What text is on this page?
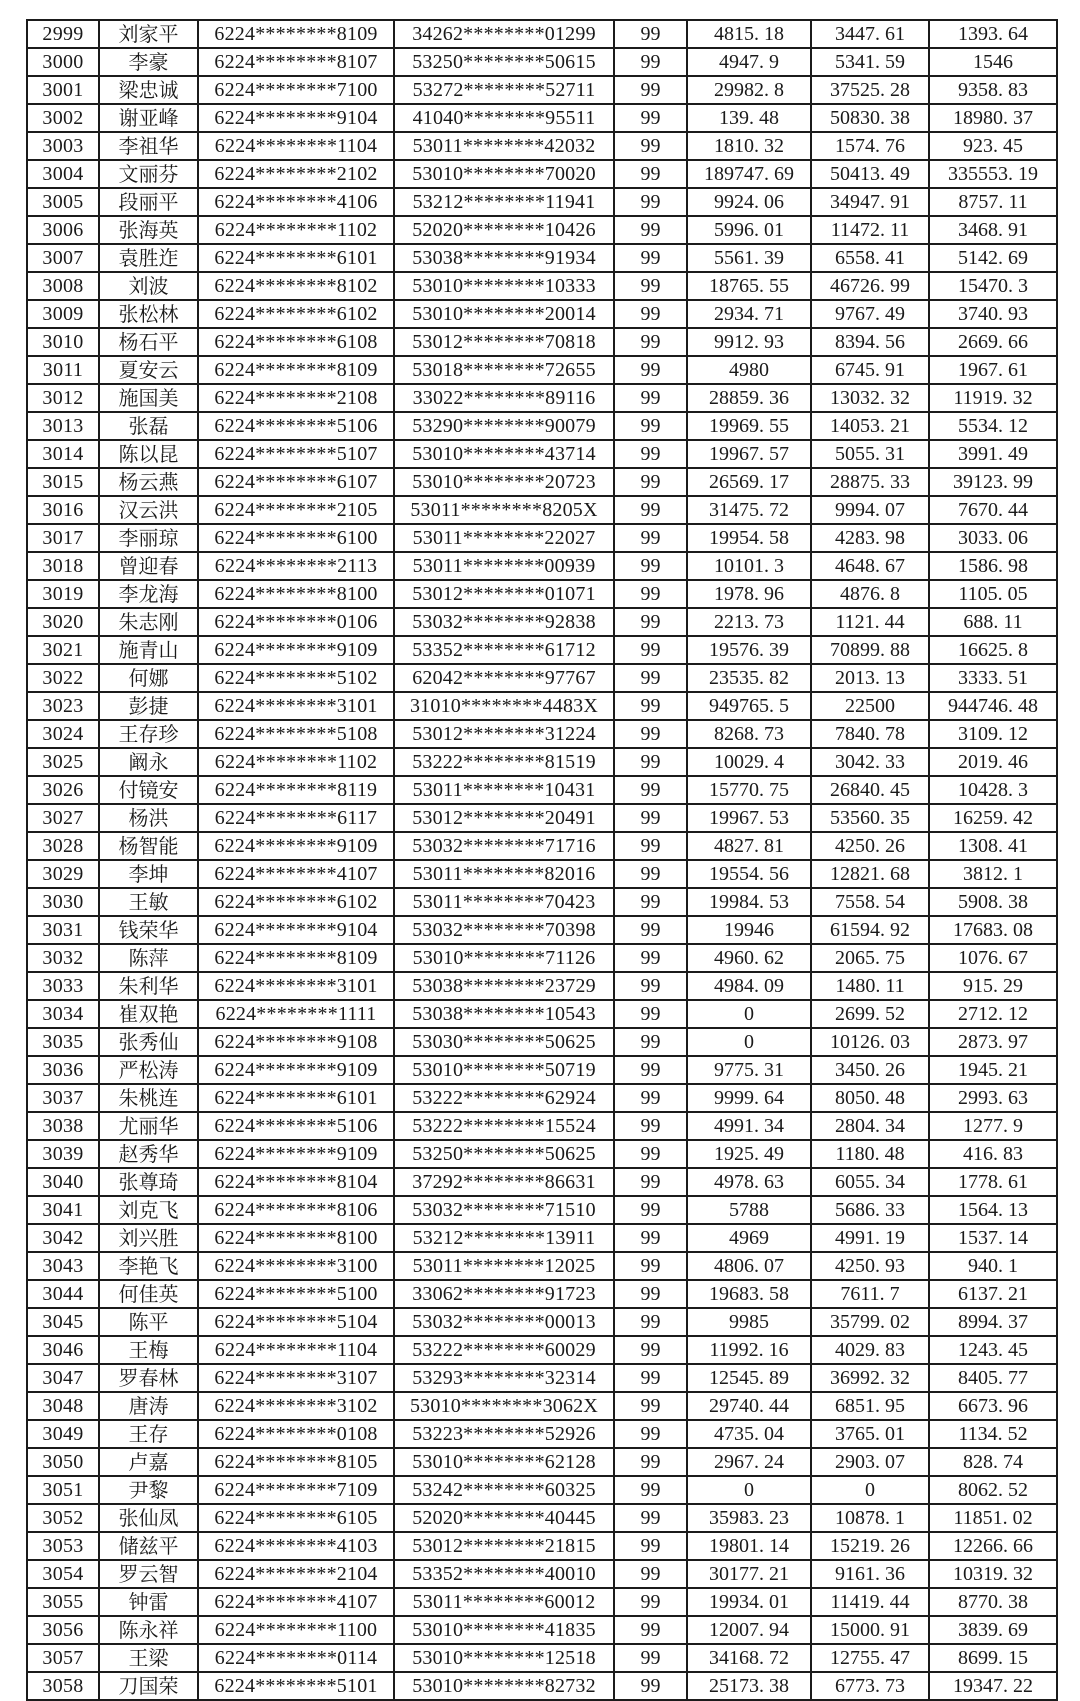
2999	刘家平	6224********8109	34262********01299	99	4815. 18	3447. 61	1393. 64
3000	李豪	6224********8107	53250********50615	99	4947. 9	5341. 59	1546
3001	梁忠诚	6224********7100	53272********52711	99	29982. 8	37525. 28	9358. 83
3002	谢亚峰	6224********9104	41040********95511	99	139. 48	50830. 38	18980. 37
3003	李祖华	6224********1104	53011********42032	99	1810. 32	1574. 76	923. 45
3004	文丽芬	6224********2102	53010********70020	99	189747. 69	50413. 49	335553. 19
3005	段丽平	6224********4106	53212********11941	99	9924. 06	34947. 91	8757. 11
3006	张海英	6224********1102	52020********10426	99	5996. 01	11472. 11	3468. 91
3007	袁胜迮	6224********6101	53038********91934	99	5561. 39	6558. 41	5142. 69
3008	刘波	6224********8102	53010********10333	99	18765. 55	46726. 99	15470. 3
3009	张松林	6224********6102	53010********20014	99	2934. 71	9767. 49	3740. 93
3010	杨石平	6224********6108	53012********70818	99	9912. 93	8394. 56	2669. 66
3011	夏安云	6224********8109	53018********72655	99	4980	6745. 91	1967. 61
3012	施国美	6224********2108	33022********89116	99	28859. 36	13032. 32	11919. 32
3013	张磊	6224********5106	53290********90079	99	19969. 55	14053. 21	5534. 12
3014	陈以昆	6224********5107	53010********43714	99	19967. 57	5055. 31	3991. 49
3015	杨云燕	6224********6107	53010********20723	99	26569. 17	28875. 33	39123. 99
3016	汉云洪	6224********2105	53011********8205X	99	31475. 72	9994. 07	7670. 44
3017	李丽琼	6224********6100	53011********22027	99	19954. 58	4283. 98	3033. 06
3018	曾迎春	6224********2113	53011********00939	99	10101. 3	4648. 67	1586. 98
3019	李龙海	6224********8100	53012********01071	99	1978. 96	4876. 8	1105. 05
3020	朱志刚	6224********0106	53032********92838	99	2213. 73	1121. 44	688. 11
3021	施青山	6224********9109	53352********61712	99	19576. 39	70899. 88	16625. 8
3022	何娜	6224********5102	62042********97767	99	23535. 82	2013. 13	3333. 51
3023	彭捷	6224********3101	31010********4483X	99	949765. 5	22500	944746. 48
3024	王存珍	6224********5108	53012********31224	99	8268. 73	7840. 78	3109. 12
3025	阚永	6224********1102	53222********81519	99	10029. 4	3042. 33	2019. 46
3026	付镜安	6224********8119	53011********10431	99	15770. 75	26840. 45	10428. 3
3027	杨洪	6224********6117	53012********20491	99	19967. 53	53560. 35	16259. 42
3028	杨智能	6224********9109	53032********71716	99	4827. 81	4250. 26	1308. 41
3029	李坤	6224********4107	53011********82016	99	19554. 56	12821. 68	3812. 1
3030	王敏	6224********6102	53011********70423	99	19984. 53	7558. 54	5908. 38
3031	钱荣华	6224********9104	53032********70398	99	19946	61594. 92	17683. 08
3032	陈萍	6224********8109	53010********71126	99	4960. 62	2065. 75	1076. 67
3033	朱利华	6224********3101	53038********23729	99	4984. 09	1480. 11	915. 29
3034	崔双艳	6224********1111	53038********10543	99	0	2699. 52	2712. 12
3035	张秀仙	6224********9108	53030********50625	99	0	10126. 03	2873. 97
3036	严松涛	6224********9109	53010********50719	99	9775. 31	3450. 26	1945. 21
3037	朱桃连	6224********6101	53222********62924	99	9999. 64	8050. 48	2993. 63
3038	尤丽华	6224********5106	53222********15524	99	4991. 34	2804. 34	1277. 9
3039	赵秀华	6224********9109	53250********50625	99	1925. 49	1180. 48	416. 83
3040	张尊琦	6224********8104	37292********86631	99	4978. 63	6055. 34	1778. 61
3041	刘克飞	6224********8106	53032********71510	99	5788	5686. 33	1564. 13
3042	刘兴胜	6224********8100	53212********13911	99	4969	4991. 19	1537. 14
3043	李艳飞	6224********3100	53011********12025	99	4806. 07	4250. 93	940. 1
3044	何佳英	6224********5100	33062********91723	99	19683. 58	7611. 7	6137. 21
3045	陈平	6224********5104	53032********00013	99	9985	35799. 02	8994. 37
3046	王梅	6224********1104	53222********60029	99	11992. 16	4029. 83	1243. 45
3047	罗春林	6224********3107	53293********32314	99	12545. 89	36992. 32	8405. 77
3048	唐涛	6224********3102	53010********3062X	99	29740. 44	6851. 95	6673. 96
3049	王存	6224********0108	53223********52926	99	4735. 04	3765. 01	1134. 52
3050	卢嘉	6224********8105	53010********62128	99	2967. 24	2903. 07	828. 74
3051	尹黎	6224********7109	53242********60325	99	0	0	8062. 52
3052	张仙凤	6224********6105	52020********40445	99	35983. 23	10878. 1	11851. 02
3053	储兹平	6224********4103	53012********21815	99	19801. 14	15219. 26	12266. 66
3054	罗云智	6224********2104	53352********40010	99	30177. 21	9161. 36	10319. 32
3055	钟雷	6224********4107	53011********60012	99	19934. 01	11419. 44	8770. 38
3056	陈永祥	6224********1100	53010********41835	99	12007. 94	15000. 91	3839. 69
3057	王梁	6224********0114	53010********12518	99	34168. 72	12755. 47	8699. 15
3058	刀国荣	6224********5101	53010********82732	99	25173. 38	6773. 73	19347. 22
